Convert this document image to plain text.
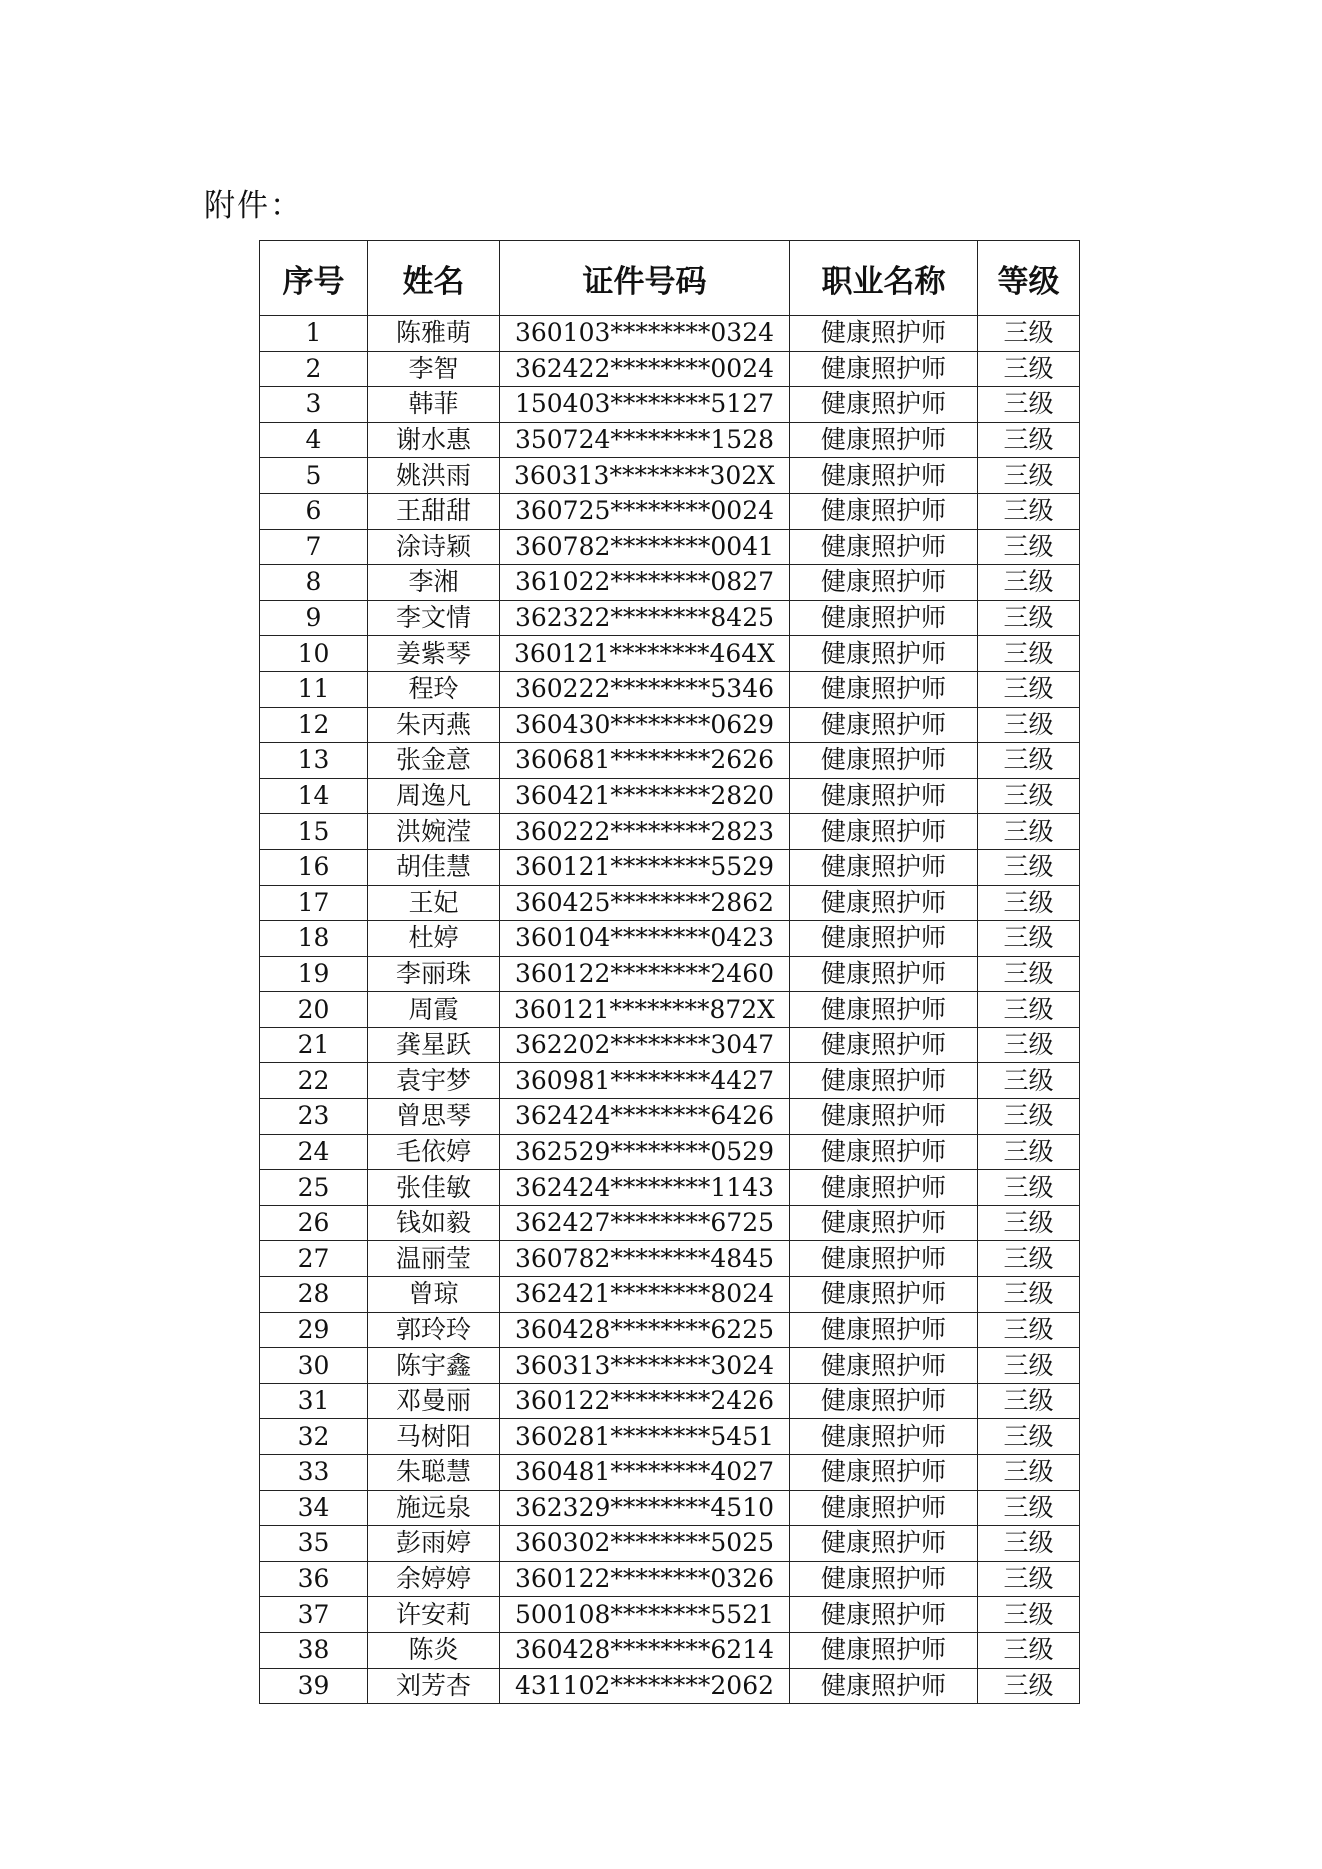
附件：
序号	姓名	证件号码	职业名称	等级
1	陈雅萌	360103********0324	健康照护师	三级
2	李智	362422********0024	健康照护师	三级
3	韩菲	150403********5127	健康照护师	三级
4	谢水惠	350724********1528	健康照护师	三级
5	姚洪雨	360313********302X	健康照护师	三级
6	王甜甜	360725********0024	健康照护师	三级
7	涂诗颖	360782********0041	健康照护师	三级
8	李湘	361022********0827	健康照护师	三级
9	李文情	362322********8425	健康照护师	三级
10	姜紫琴	360121********464X	健康照护师	三级
11	程玲	360222********5346	健康照护师	三级
12	朱丙燕	360430********0629	健康照护师	三级
13	张金意	360681********2626	健康照护师	三级
14	周逸凡	360421********2820	健康照护师	三级
15	洪婉滢	360222********2823	健康照护师	三级
16	胡佳慧	360121********5529	健康照护师	三级
17	王妃	360425********2862	健康照护师	三级
18	杜婷	360104********0423	健康照护师	三级
19	李丽珠	360122********2460	健康照护师	三级
20	周霞	360121********872X	健康照护师	三级
21	龚星跃	362202********3047	健康照护师	三级
22	袁宇梦	360981********4427	健康照护师	三级
23	曾思琴	362424********6426	健康照护师	三级
24	毛依婷	362529********0529	健康照护师	三级
25	张佳敏	362424********1143	健康照护师	三级
26	钱如毅	362427********6725	健康照护师	三级
27	温丽莹	360782********4845	健康照护师	三级
28	曾琼	362421********8024	健康照护师	三级
29	郭玲玲	360428********6225	健康照护师	三级
30	陈宇鑫	360313********3024	健康照护师	三级
31	邓曼丽	360122********2426	健康照护师	三级
32	马树阳	360281********5451	健康照护师	三级
33	朱聪慧	360481********4027	健康照护师	三级
34	施远泉	362329********4510	健康照护师	三级
35	彭雨婷	360302********5025	健康照护师	三级
36	余婷婷	360122********0326	健康照护师	三级
37	许安莉	500108********5521	健康照护师	三级
38	陈炎	360428********6214	健康照护师	三级
39	刘芳杏	431102********2062	健康照护师	三级
